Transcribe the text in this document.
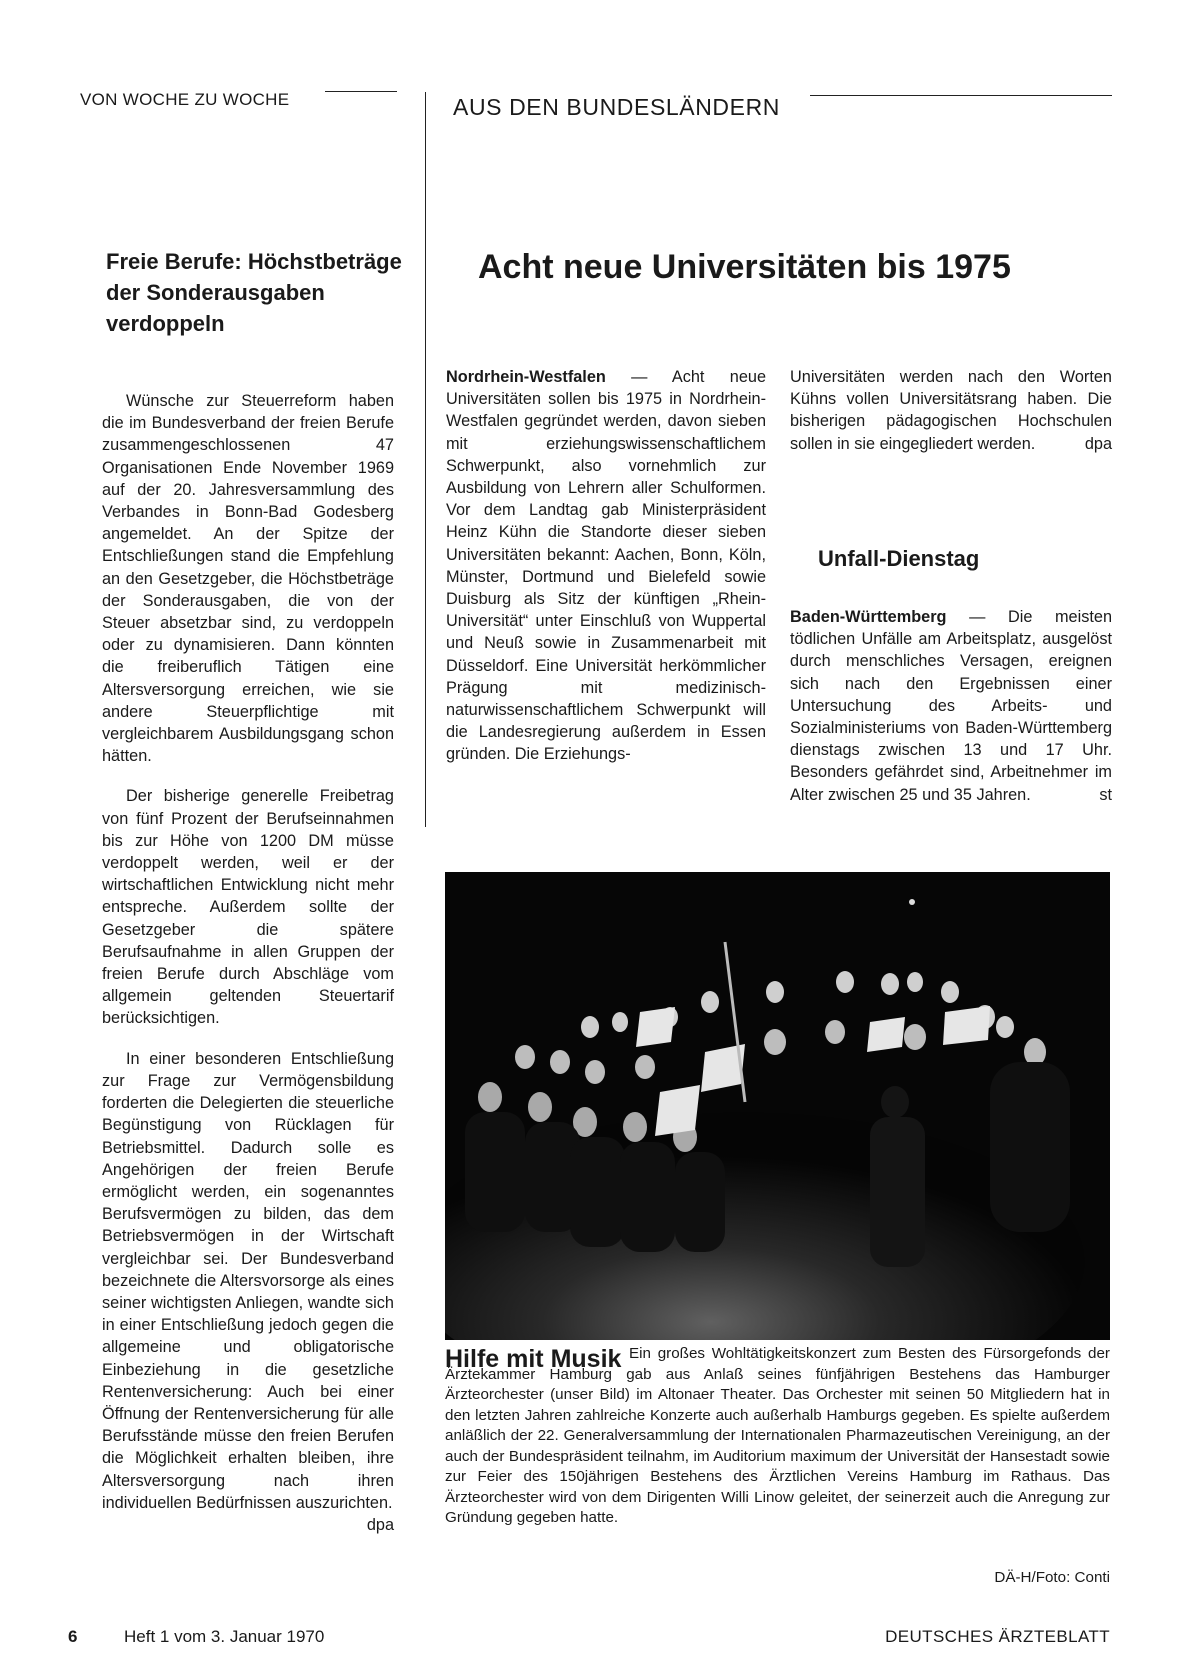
VON WOCHE ZU WOCHE	AUS DEN BUNDESLÄNDERN
Freie Berufe: Höchstbeträge der Sonderausgaben verdoppeln

Wünsche zur Steuerreform haben die im Bundesverband der freien Berufe zusammengeschlossenen 47 Organisationen Ende November 1969 auf der 20. Jahresversammlung des Verbandes in Bonn-Bad Godesberg angemeldet. An der Spitze der Entschließungen stand die Empfehlung an den Gesetzgeber, die Höchstbeträge der Sonderausgaben, die von der Steuer absetzbar sind, zu verdoppeln oder zu dynamisieren. Dann könnten die freiberuflich Tätigen eine Altersversorgung erreichen, wie sie andere Steuerpflichtige mit vergleichbarem Ausbildungsgang schon hätten.

Der bisherige generelle Freibetrag von fünf Prozent der Berufseinnahmen bis zur Höhe von 1200 DM müsse verdoppelt werden, weil er der wirtschaftlichen Entwicklung nicht mehr entspreche. Außerdem sollte der Gesetzgeber die spätere Berufsaufnahme in allen Gruppen der freien Berufe durch Abschläge vom allgemein geltenden Steuertarif berücksichtigen.

In einer besonderen Entschließung zur Frage zur Vermögensbildung forderten die Delegierten die steuerliche Begünstigung von Rücklagen für Betriebsmittel. Dadurch solle es Angehörigen der freien Berufe ermöglicht werden, ein sogenanntes Berufsvermögen zu bilden, das dem Betriebsvermögen in der Wirtschaft vergleichbar sei. Der Bundesverband bezeichnete die Altersvorsorge als eines seiner wichtigsten Anliegen, wandte sich in einer Entschließung jedoch gegen die allgemeine und obligatorische Einbeziehung in die gesetzliche Rentenversicherung: Auch bei einer Öffnung der Rentenversicherung für alle Berufsstände müsse den freien Berufen die Möglichkeit erhalten bleiben, ihre Altersversorgung nach ihren individuellen Bedürfnissen auszurichten.
dpa

Acht neue Universitäten bis 1975
Nordrhein-Westfalen — Acht neue Universitäten sollen bis 1975 in Nordrhein-Westfalen gegründet werden, davon sieben mit erziehungswissenschaftlichem Schwerpunkt, also vornehmlich zur Ausbildung von Lehrern aller Schulformen. Vor dem Landtag gab Ministerpräsident Heinz Kühn die Standorte dieser sieben Universitäten bekannt: Aachen, Bonn, Köln, Münster, Dortmund und Bielefeld sowie Duisburg als Sitz der künftigen „Rhein-Universität“ unter Einschluß von Wuppertal und Neuß sowie in Zusammenarbeit mit Düsseldorf. Eine Universität herkömmlicher Prägung mit medizinisch-naturwissenschaftlichem Schwerpunkt will die Landesregierung außerdem in Essen gründen. Die Erziehungs-
Universitäten werden nach den Worten Kühns vollen Universitätsrang haben. Die bisherigen pädagogischen Hochschulen sollen in sie eingegliedert werden.	dpa
Unfall-Dienstag
Baden-Württemberg — Die meisten tödlichen Unfälle am Arbeitsplatz, ausgelöst durch menschliches Versagen, ereignen sich nach den Ergebnissen einer Untersuchung des Arbeits- und Sozialministeriums von Baden-Württemberg dienstags zwischen 13 und 17 Uhr. Besonders gefährdet sind, Arbeitnehmer im Alter zwischen 25 und 35 Jahren.	st
Hilfe mit Musik Ein großes Wohltätigkeitskonzert zum Besten des Fürsorgefonds der Ärztekammer Hamburg gab aus Anlaß seines fünfjährigen Bestehens das Hamburger Ärzteorchester (unser Bild) im Altonaer Theater. Das Orchester mit seinen 50 Mitgliedern hat in den letzten Jahren zahlreiche Konzerte auch außerhalb Hamburgs gegeben. Es spielte außerdem anläßlich der 22. Generalversammlung der Internationalen Pharmazeutischen Vereinigung, an der auch der Bundespräsident teilnahm, im Auditorium maximum der Universität der Hansestadt sowie zur Feier des 150jährigen Bestehens des Ärztlichen Vereins Hamburg im Rathaus. Das Ärzteorchester wird von dem Dirigenten Willi Linow geleitet, der seinerzeit auch die Anregung zur Gründung gegeben hatte.
DÄ-H/Foto: Conti
6	Heft 1 vom 3. Januar 1970	DEUTSCHES ÄRZTEBLATT
